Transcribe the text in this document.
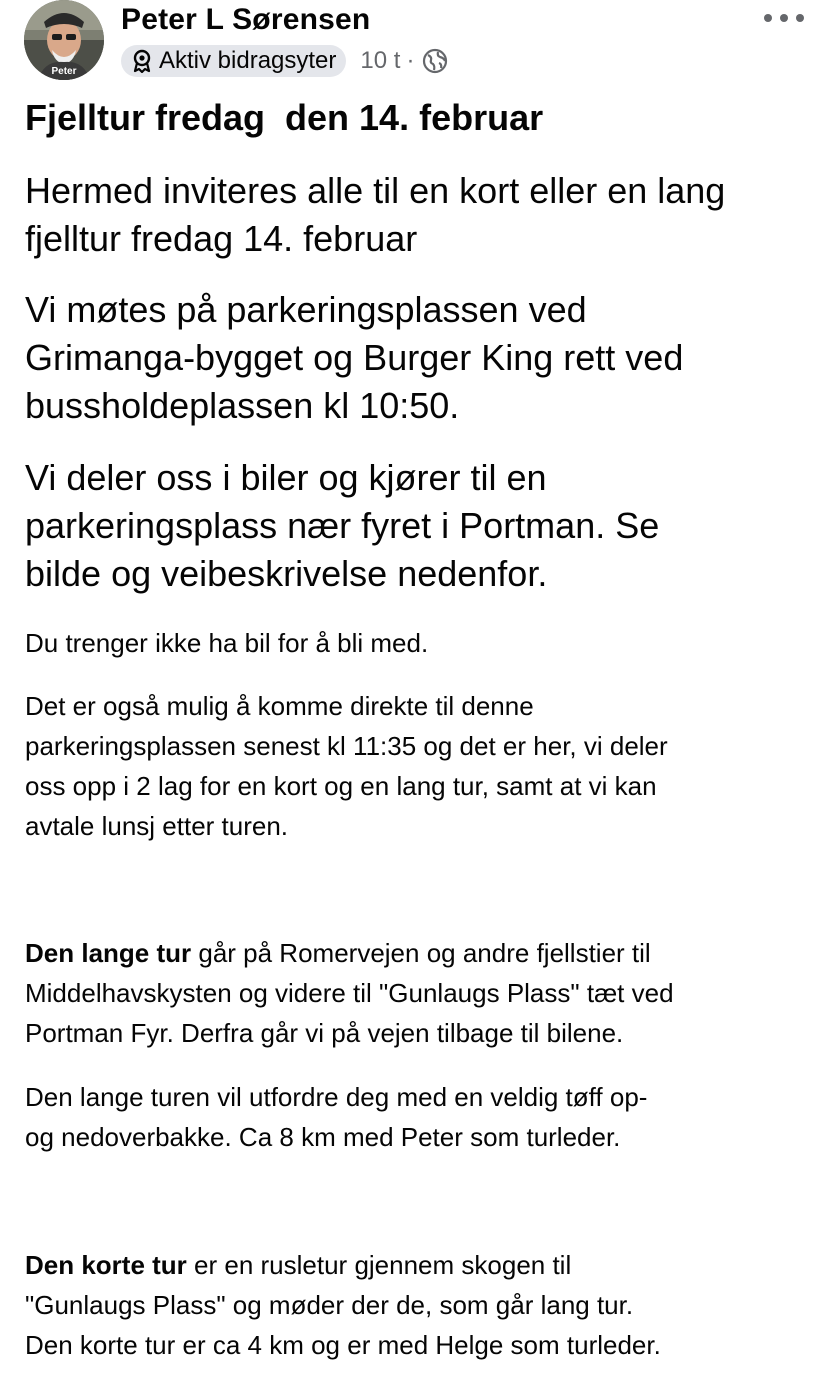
Peter
Peter L Sørensen
Aktiv bidragsyter 10 t ·
Fjelltur fredag  den 14. februar

Hermed inviteres alle til en kort eller en lang
fjelltur fredag 14. februar

Vi møtes på parkeringsplassen ved
Grimanga-bygget og Burger King rett ved
bussholdeplassen kl 10:50.

Vi deler oss i biler og kjører til en
parkeringsplass nær fyret i Portman. Se
bilde og veibeskrivelse nedenfor.

Du trenger ikke ha bil for å bli med.

Det er også mulig å komme direkte til denne
parkeringsplassen senest kl 11:35 og det er her, vi deler
oss opp i 2 lag for en kort og en lang tur, samt at vi kan
avtale lunsj etter turen.

Den lange tur går på Romervejen og andre fjellstier til
Middelhavskysten og videre til "Gunlaugs Plass" tæt ved
Portman Fyr. Derfra går vi på vejen tilbage til bilene.

Den lange turen vil utfordre deg med en veldig tøff op-
og nedoverbakke. Ca 8 km med Peter som turleder.

Den korte tur er en rusletur gjennem skogen til
"Gunlaugs Plass" og møder der de, som går lang tur.
Den korte tur er ca 4 km og er med Helge som turleder.
